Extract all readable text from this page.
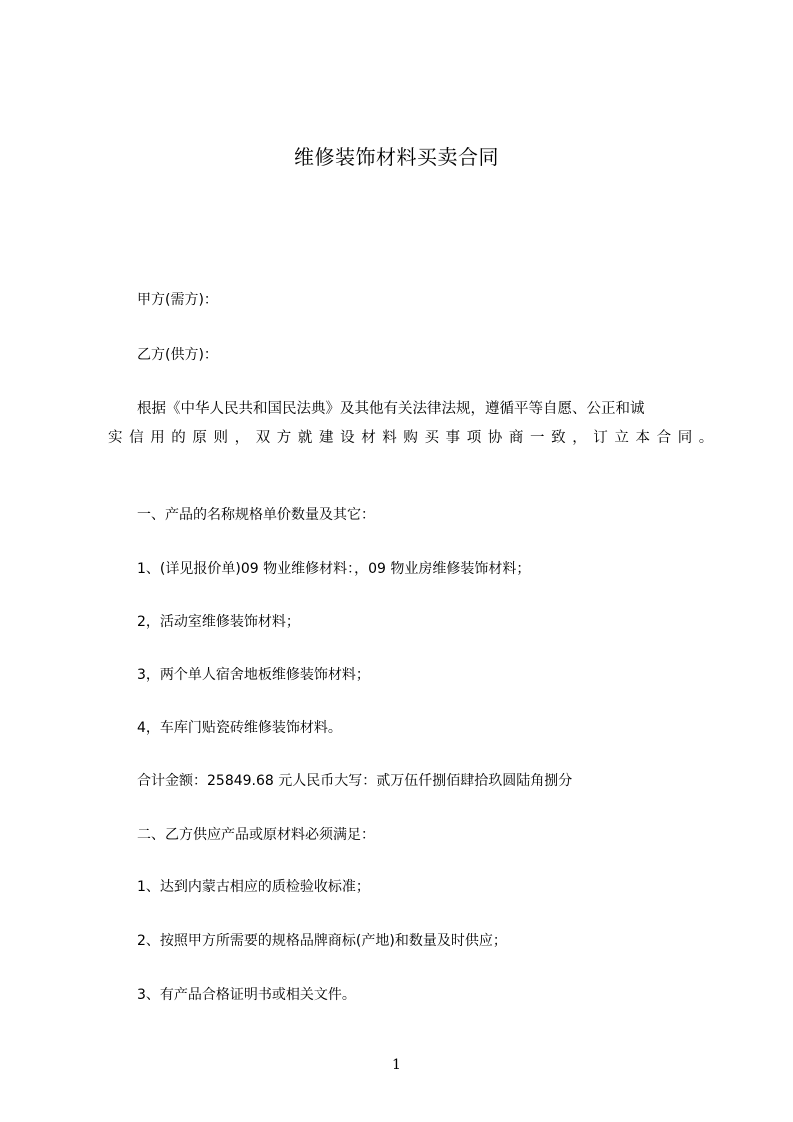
维修装饰材料买卖合同
甲方(需方)：
乙方(供方)：
根据《中华人民共和国民法典》及其他有关法律法规，遵循平等自愿、公正和诚
实信用的原则，双方就建设材料购买事项协商一致，订立本合同。
一、产品的名称规格单价数量及其它：
1、(详见报价单)09 物业维修材料：，09 物业房维修装饰材料；
2，活动室维修装饰材料；
3，两个单人宿舍地板维修装饰材料；
4，车库门贴瓷砖维修装饰材料。
合计金额：25849.68 元人民币大写：贰万伍仟捌佰肆拾玖圆陆角捌分
二、乙方供应产品或原材料必须满足：
1、达到内蒙古相应的质检验收标准；
2、按照甲方所需要的规格品牌商标(产地)和数量及时供应；
3、有产品合格证明书或相关文件。
1
